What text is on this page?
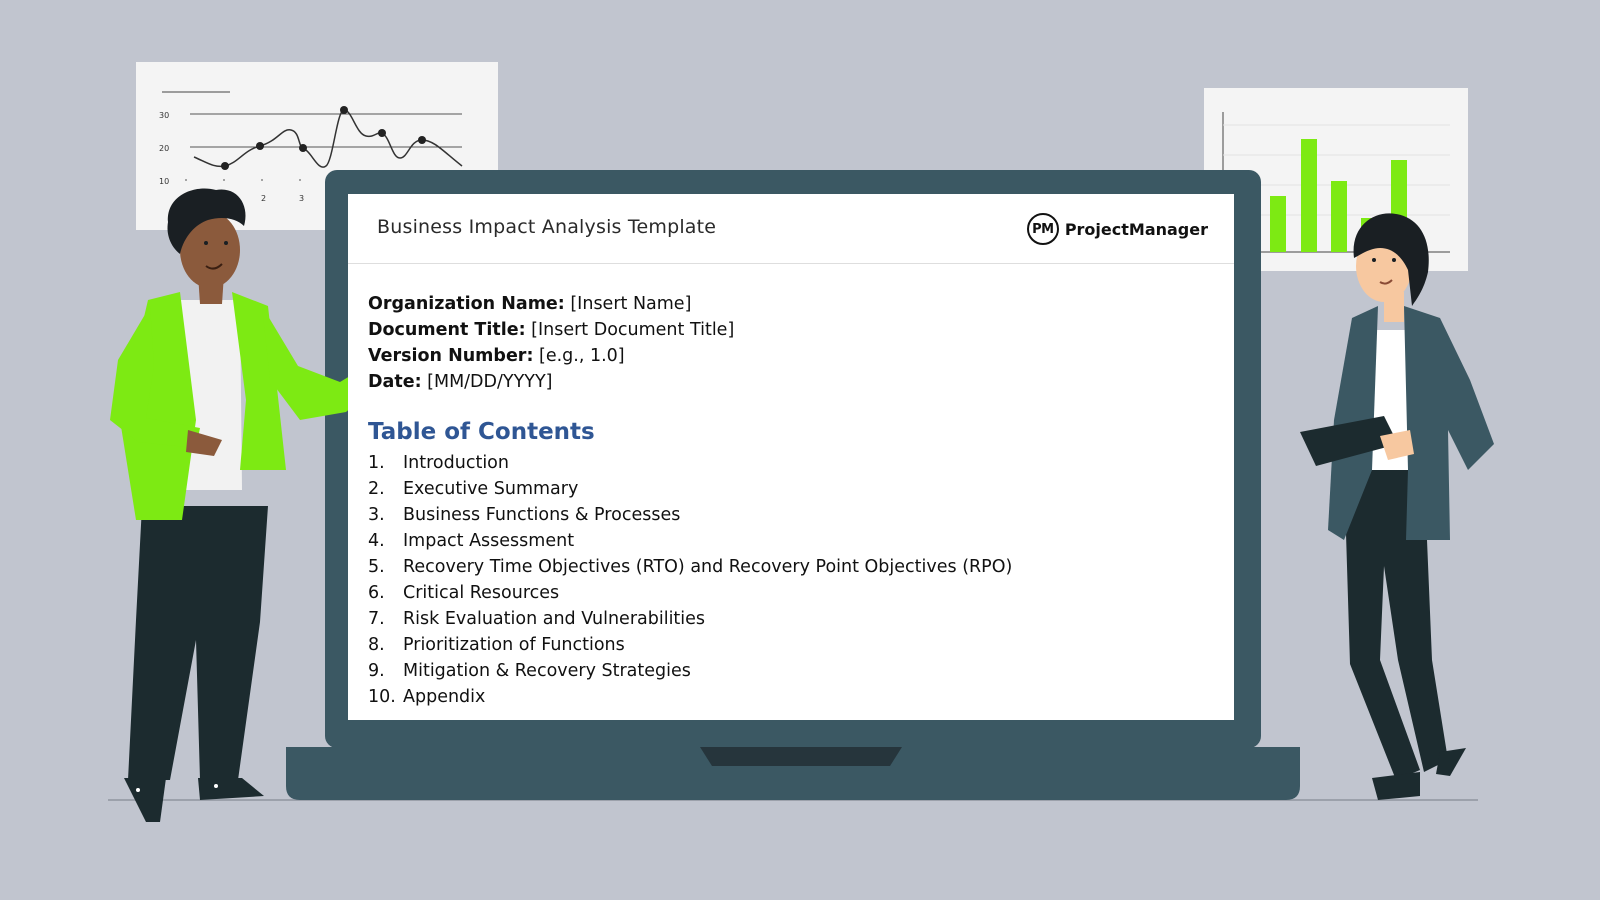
30
20
10
2	3
Business Impact Analysis Template	PM ProjectManager
Organization Name: [Insert Name]
Document Title: [Insert Document Title]
Version Number: [e.g., 1.0]
Date: [MM/DD/YYYY]
Table of Contents
1.	Introduction
2.	Executive Summary
3.	Business Functions & Processes
4.	Impact Assessment
5.	Recovery Time Objectives (RTO) and Recovery Point Objectives (RPO)
6.	Critical Resources
7.	Risk Evaluation and Vulnerabilities
8.	Prioritization of Functions
9.	Mitigation & Recovery Strategies
10. Appendix
